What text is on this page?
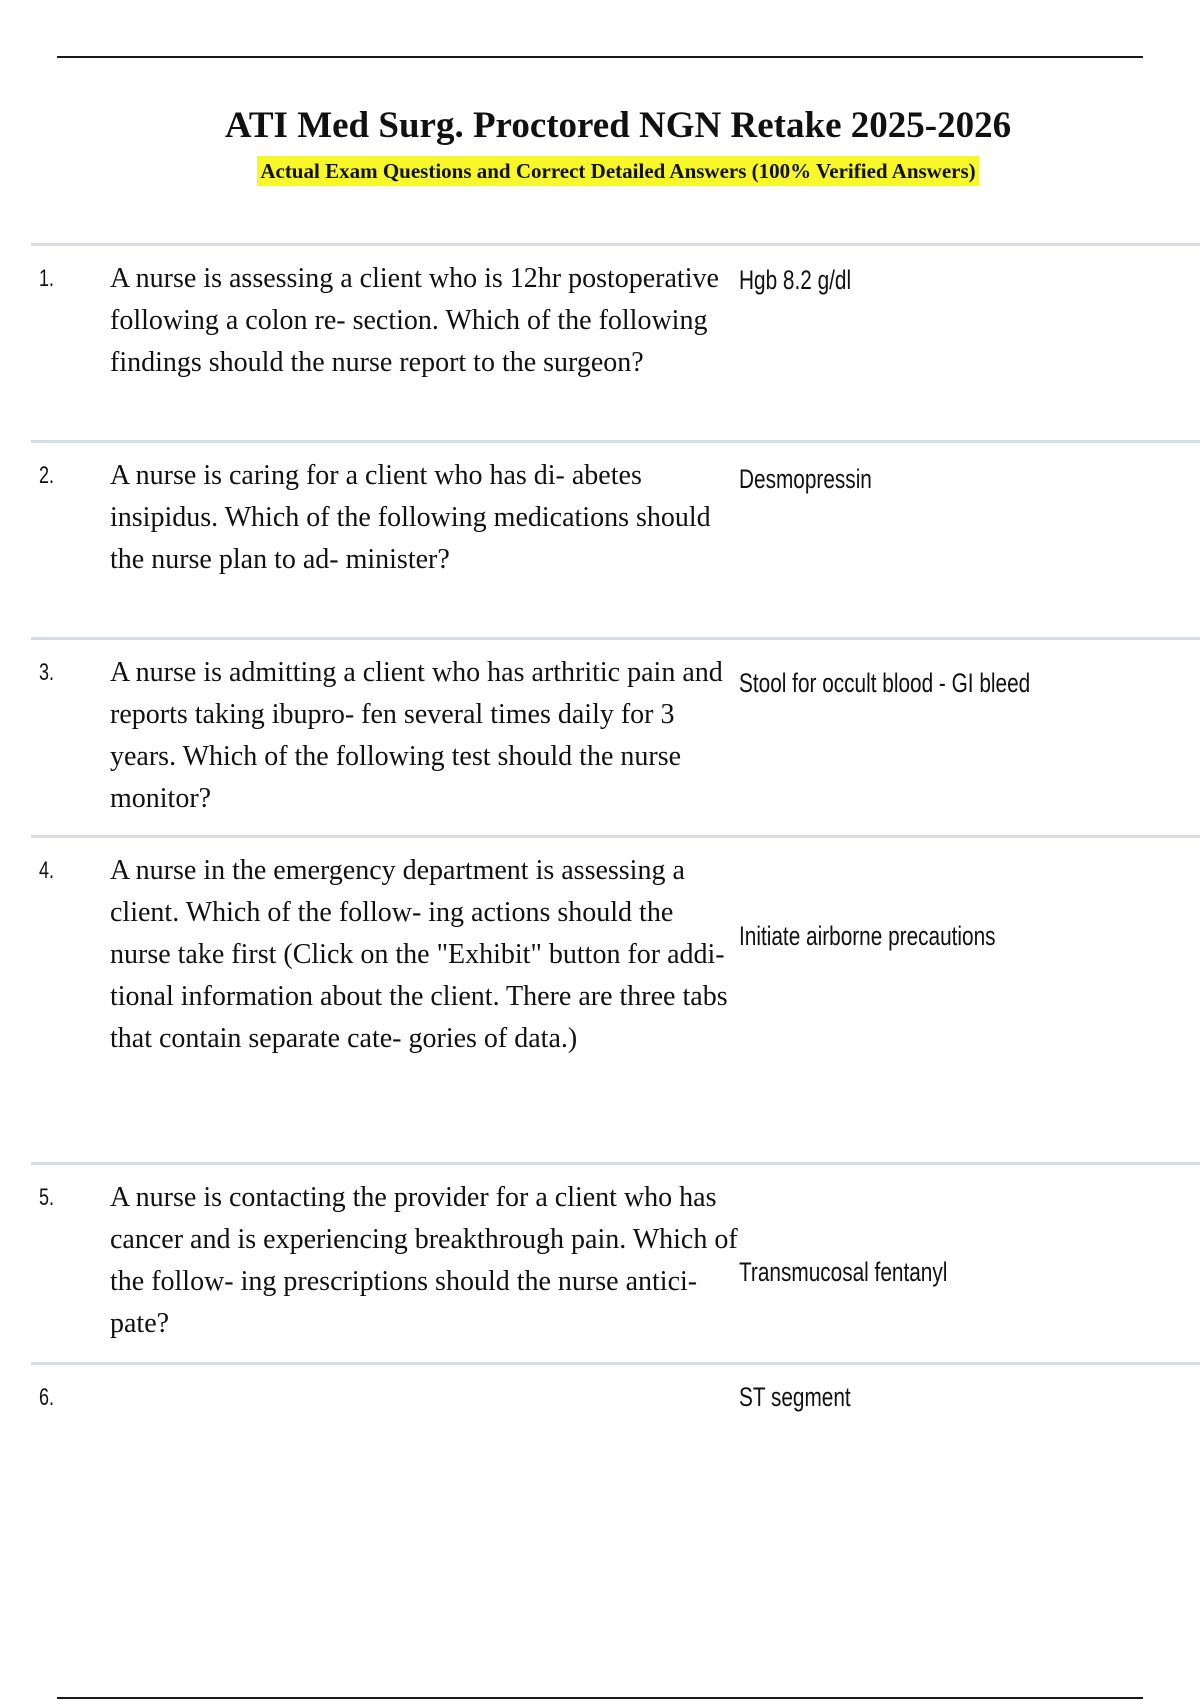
ATI Med Surg. Proctored NGN Retake 2025-2026
Actual Exam Questions and Correct Detailed Answers (100% Verified Answers)
1. A nurse is assessing a client who is 12hr postoperative following a colon re- section. Which of the following findings should the nurse report to the surgeon?
Hgb 8.2 g/dl
2. A nurse is caring for a client who has di- abetes insipidus. Which of the following medications should the nurse plan to ad- minister?
Desmopressin
3. A nurse is admitting a client who has arthritic pain and reports taking ibupro- fen several times daily for 3 years. Which of the following test should the nurse monitor?
Stool for occult blood - GI bleed
4. A nurse in the emergency department is assessing a client. Which of the follow- ing actions should the nurse take first (Click on the "Exhibit" button for addi- tional information about the client. There are three tabs that contain separate cate- gories of data.)
Initiate airborne precautions
5. A nurse is contacting the provider for a client who has cancer and is experiencing breakthrough pain. Which of the follow- ing prescriptions should the nurse antici- pate?
Transmucosal fentanyl
6.	ST segment
